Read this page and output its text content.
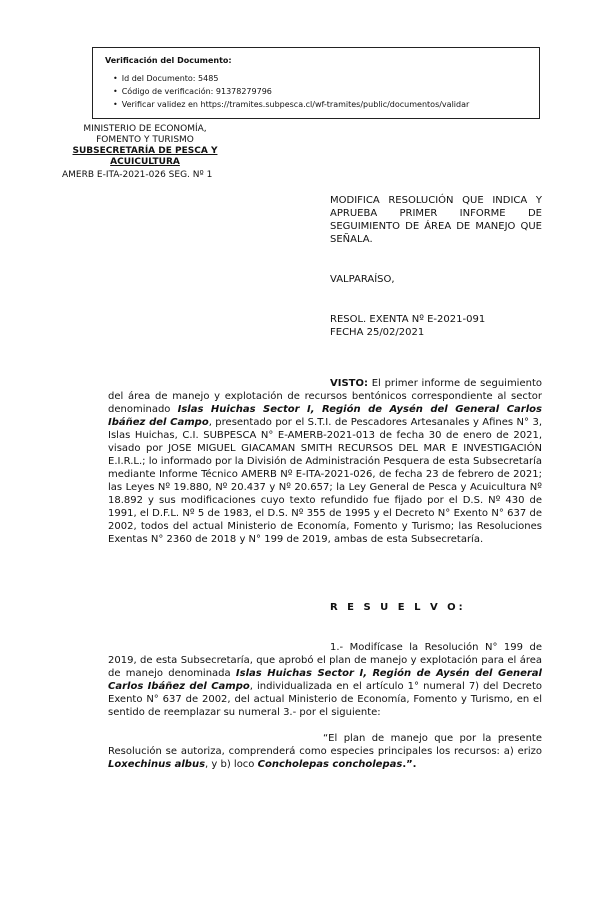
Verificación del Documento:
• Id del Documento: 5485
• Código de verificación: 91378279796
• Verificar validez en https://tramites.subpesca.cl/wf-tramites/public/documentos/validar
MINISTERIO DE ECONOMÍA,
FOMENTO Y TURISMO
SUBSECRETARÍA DE PESCA Y
ACUICULTURA
AMERB E-ITA-2021-026 SEG. Nº 1
MODIFICA RESOLUCIÓN QUE INDICA Y APRUEBA PRIMER INFORME DE SEGUIMIENTO DE ÁREA DE MANEJO QUE SEÑALA.
VALPARAÍSO,
RESOL. EXENTA Nº E-2021-091
FECHA 25/02/2021
VISTO: El primer informe de seguimiento del área de manejo y explotación de recursos bentónicos correspondiente al sector denominado Islas Huichas Sector I, Región de Aysén del General Carlos Ibáñez del Campo, presentado por el S.T.I. de Pescadores Artesanales y Afines N° 3, Islas Huichas, C.I. SUBPESCA N° E-AMERB-2021-013 de fecha 30 de enero de 2021, visado por JOSE MIGUEL GIACAMAN SMITH RECURSOS DEL MAR E INVESTIGACIÓN E.I.R.L.; lo informado por la División de Administración Pesquera de esta Subsecretaría mediante Informe Técnico AMERB Nº E-ITA-2021-026, de fecha 23 de febrero de 2021; las Leyes Nº 19.880, Nº 20.437 y Nº 20.657; la Ley General de Pesca y Acuicultura Nº 18.892 y sus modificaciones cuyo texto refundido fue fijado por el D.S. Nº 430 de 1991, el D.F.L. Nº 5 de 1983, el D.S. Nº 355 de 1995 y el Decreto N° Exento N° 637 de 2002, todos del actual Ministerio de Economía, Fomento y Turismo; las Resoluciones Exentas N° 2360 de 2018 y N° 199 de 2019, ambas de esta Subsecretaría.
R E S U E L V O:
1.- Modifícase la Resolución N° 199 de 2019, de esta Subsecretaría, que aprobó el plan de manejo y explotación para el área de manejo denominada Islas Huichas Sector I, Región de Aysén del General Carlos Ibáñez del Campo, individualizada en el artículo 1° numeral 7) del Decreto Exento N° 637 de 2002, del actual Ministerio de Economía, Fomento y Turismo, en el sentido de reemplazar su numeral 3.- por el siguiente:
“El plan de manejo que por la presente Resolución se autoriza, comprenderá como especies principales los recursos: a) erizo Loxechinus albus, y b) loco Concholepas concholepas.”.
